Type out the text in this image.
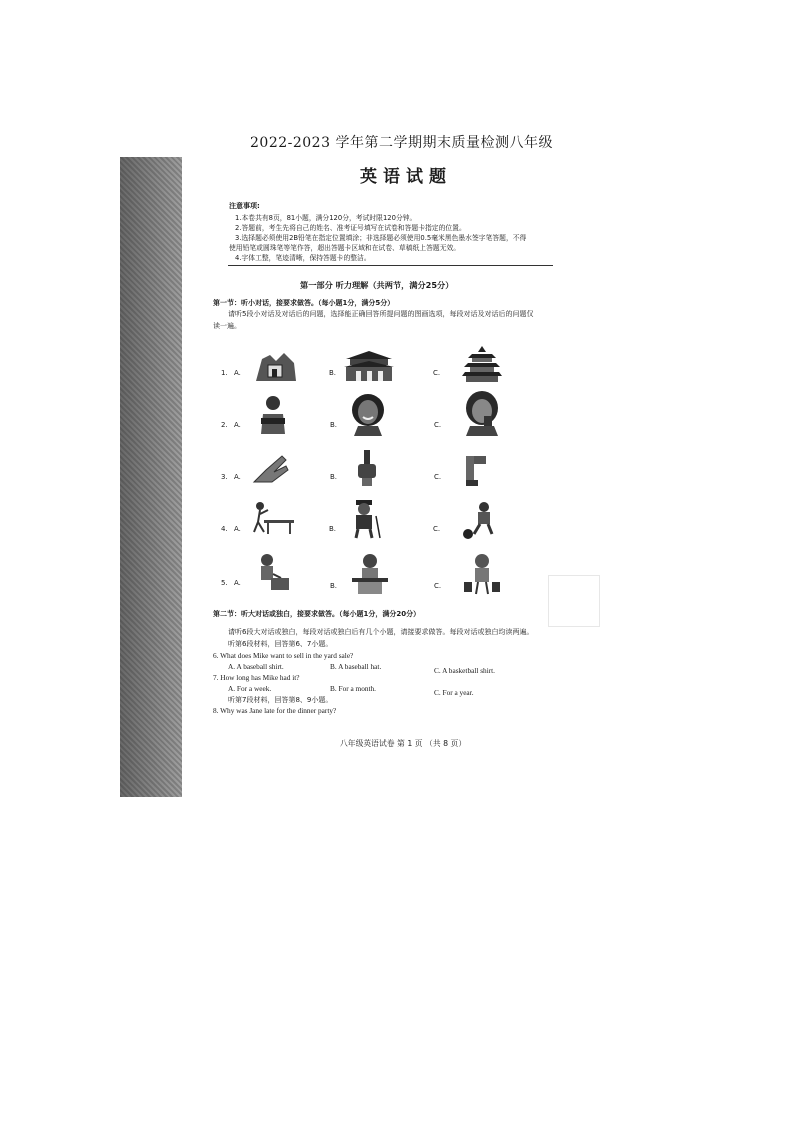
2022-2023 学年第二学期期末质量检测八年级
英语试题
注意事项:
1.本卷共有8页，81小题，满分120分，考试时限120分钟。
2.答题前，考生先将自己的姓名、准考证号填写在试卷和答题卡指定的位置。
3.选择题必须使用2B铅笔在指定位置填涂；非选择题必须使用0.5毫米黑色墨水签字笔答题，不得
使用铅笔或圆珠笔等笔作答，超出答题卡区域和在试卷、草稿纸上答题无效。
4.字体工整，笔迹清晰，保持答题卡的整洁。
第一部分 听力理解（共两节，满分25分）
第一节：听小对话，接要求做答。（每小题1分，满分5分）
请听5段小对话及对话后的问题，选择能正确回答所提问题的图画选项，每段对话及对话后的问题仅
读一遍。
1. A.	B.	C.
2. A.	B.	C.
3. A.	B.	C.
4. A.	B.	C.
5. A.	B.	C.
第二节：听大对话或独白，接要求做答。（每小题1分，满分20分）
请听6段大对话或独白，每段对话或独白后有几个小题，请接要求做答。每段对话或独白均读两遍。
听第6段材料，回答第6、7小题。
6. What does Mike want to sell in the yard sale?
A. A baseball shirt.	B. A baseball hat.	C. A basketball shirt.
7. How long has Mike had it?
A. For a week.	B. For a month.	C. For a year.
听第7段材料，回答第8、9小题。
8. Why was Jane late for the dinner party?
八年级英语试卷 第 1 页 （共 8 页）
